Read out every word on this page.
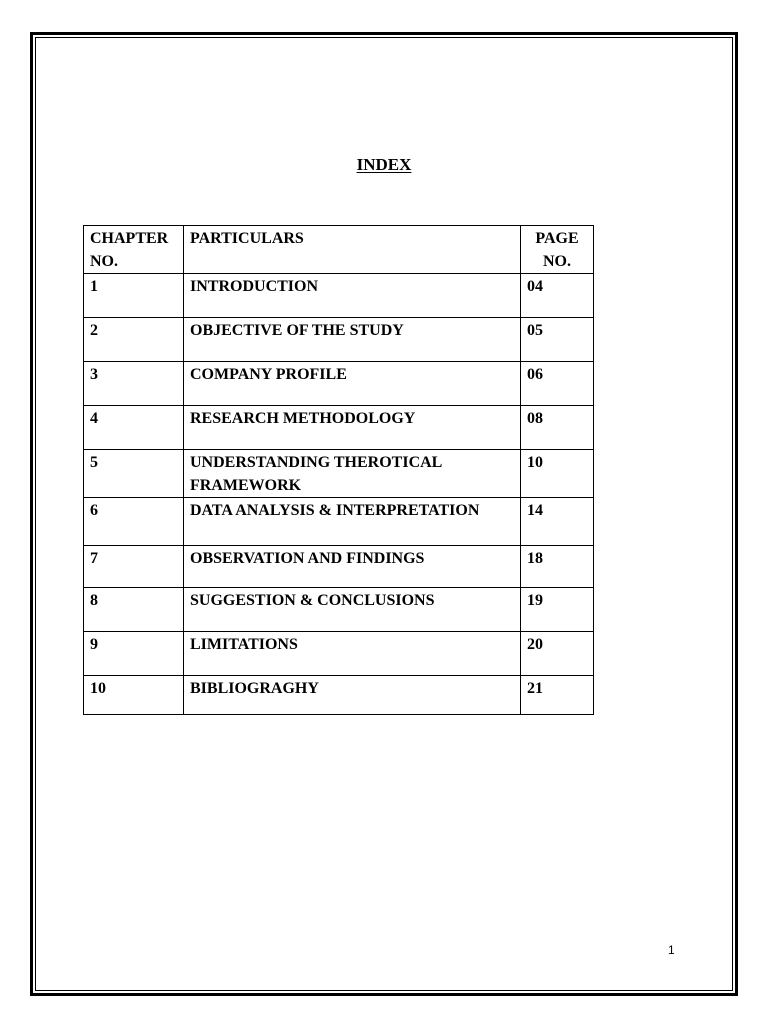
INDEX
CHAPTER NO.	PARTICULARS	PAGE NO.
1	INTRODUCTION	04
2	OBJECTIVE OF THE STUDY	05
3	COMPANY PROFILE	06
4	RESEARCH METHODOLOGY	08
5	UNDERSTANDING THEROTICAL FRAMEWORK	10
6	DATA ANALYSIS & INTERPRETATION	14
7	OBSERVATION AND FINDINGS	18
8	SUGGESTION & CONCLUSIONS	19
9	LIMITATIONS	20
10	BIBLIOGRAGHY	21
1
